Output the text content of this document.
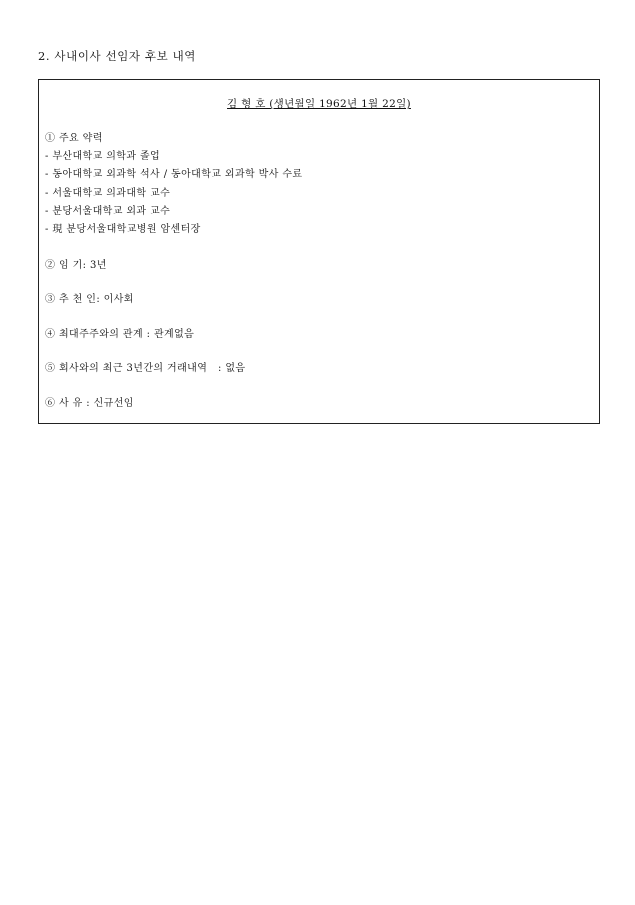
2. 사내이사 선임자 후보 내역
김 형 호 (생년월일 1962년 1월 22일)
① 주요 약력
- 부산대학교 의학과 졸업
- 동아대학교 외과학 석사 / 동아대학교 외과학 박사 수료
- 서울대학교 의과대학 교수
- 분당서울대학교 외과 교수
- 現 분당서울대학교병원 암센터장
② 임 기: 3년
③ 추 천 인: 이사회
④ 최대주주와의 관계 : 관계없음
⑤ 회사와의 최근 3년간의 거래내역   : 없음
⑥ 사 유 : 신규선임
